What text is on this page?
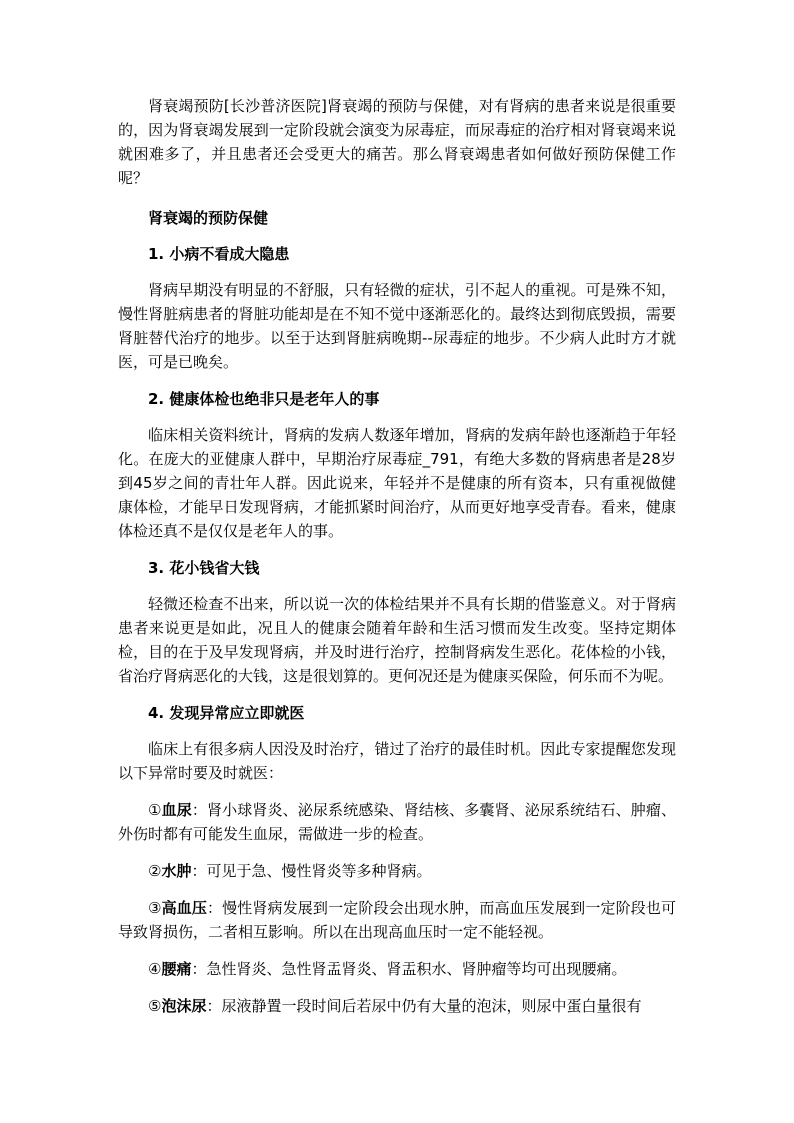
肾衰竭预防[长沙普济医院]肾衰竭的预防与保健，对有肾病的患者来说是很重要的，因为肾衰竭发展到一定阶段就会演变为尿毒症，而尿毒症的治疗相对肾衰竭来说就困难多了，并且患者还会受更大的痛苦。那么肾衰竭患者如何做好预防保健工作呢？

肾衰竭的预防保健

1. 小病不看成大隐患

肾病早期没有明显的不舒服，只有轻微的症状，引不起人的重视。可是殊不知，慢性肾脏病患者的肾脏功能却是在不知不觉中逐渐恶化的。最终达到彻底毁损，需要肾脏替代治疗的地步。以至于达到肾脏病晚期--尿毒症的地步。不少病人此时方才就医，可是已晚矣。

2. 健康体检也绝非只是老年人的事

临床相关资料统计，肾病的发病人数逐年增加，肾病的发病年龄也逐渐趋于年轻化。在庞大的亚健康人群中，早期治疗尿毒症_791，有绝大多数的肾病患者是28岁到45岁之间的青壮年人群。因此说来，年轻并不是健康的所有资本，只有重视做健康体检，才能早日发现肾病，才能抓紧时间治疗，从而更好地享受青春。看来，健康体检还真不是仅仅是老年人的事。

3. 花小钱省大钱

轻微还检查不出来，所以说一次的体检结果并不具有长期的借鉴意义。对于肾病患者来说更是如此，况且人的健康会随着年龄和生活习惯而发生改变。坚持定期体检，目的在于及早发现肾病，并及时进行治疗，控制肾病发生恶化。花体检的小钱，省治疗肾病恶化的大钱，这是很划算的。更何况还是为健康买保险，何乐而不为呢。

4. 发现异常应立即就医

临床上有很多病人因没及时治疗，错过了治疗的最佳时机。因此专家提醒您发现以下异常时要及时就医：

①血尿：肾小球肾炎、泌尿系统感染、肾结核、多囊肾、泌尿系统结石、肿瘤、外伤时都有可能发生血尿，需做进一步的检查。

②水肿：可见于急、慢性肾炎等多种肾病。

③高血压：慢性肾病发展到一定阶段会出现水肿，而高血压发展到一定阶段也可导致肾损伤，二者相互影响。所以在出现高血压时一定不能轻视。

④腰痛：急性肾炎、急性肾盂肾炎、肾盂积水、肾肿瘤等均可出现腰痛。

⑤泡沫尿：尿液静置一段时间后若尿中仍有大量的泡沫，则尿中蛋白量很有
